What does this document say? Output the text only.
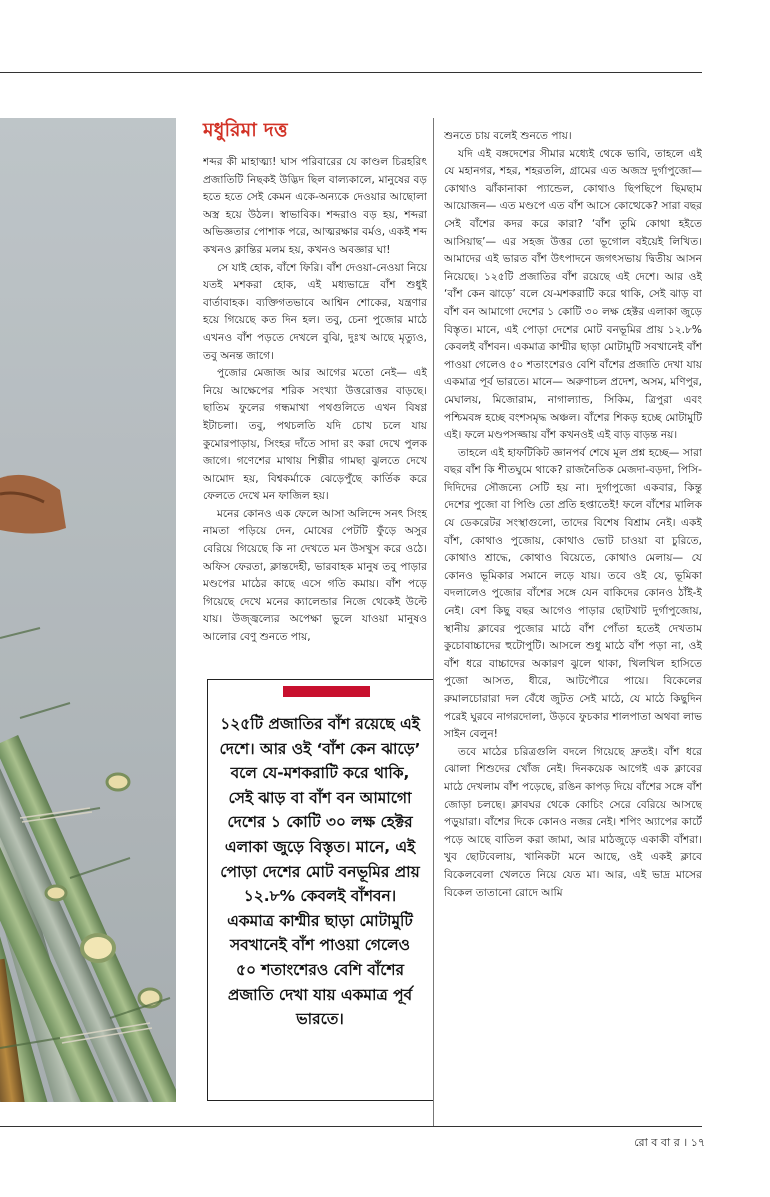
মধুরিমা দত্ত

শব্দর কী মাহাত্ম্য! ঘাস পরিবারের যে কাণ্ডল চিরহরিৎ প্রজাতিটি নিছকই উদ্ভিদ ছিল বাল্যকালে, মানুষের বড় হতে হতে সেই কেমন একে-অন্যকে দেওয়ার আছোলা অস্ত্র হয়ে উঠল। স্বাভাবিক। শব্দরাও বড় হয়, শব্দরা অভিজ্ঞতার পোশাক পরে, আত্মরক্ষার বর্মও, একই শব্দ কখনও ক্লান্তির মলম হয়, কখনও অবজ্ঞার ঘা!

সে যাই হোক, বাঁশে ফিরি। বাঁশ দেওয়া-নেওয়া নিয়ে যতই মশকরা হোক, এই মধ্যভাদ্রে বাঁশ শুধুই বার্তাবাহক। ব্যক্তিগতভাবে আশ্বিন শোকের, যন্ত্রণার হয়ে গিয়েছে কত দিন হল। তবু, চেনা পুজোর মাঠে এখনও বাঁশ পড়তে দেখলে বুঝি, দুঃখ আছে মৃত্যুও, তবু অনন্ত জাগে।

পুজোর মেজাজ আর আগের মতো নেই— এই নিয়ে আক্ষেপের শরিক সংখ্যা উত্তরোত্তর বাড়ছে। ছাতিম ফুলের গন্ধমাখা পথগুলিতে এখন বিষণ্ণ ইটাচলা। তবু, পথচলতি যদি চোখ চলে যায় কুমোরপাড়ায়, সিংহর দাঁতে সাদা রং করা দেখে পুলক জাগে। গণেশের মাথায় শিল্পীর গামছা ঝুলতে দেখে আমোদ হয়, বিশ্বকর্মাকে ঝেড়েপুঁছে কার্তিক করে ফেলতে দেখে মন ফাজিল হয়।

মনের কোনও এক ফেলে আসা অলিন্দে সনৎ সিংহ নামতা পড়িয়ে দেন, মোষের পেটটি ফুঁড়ে অসুর বেরিয়ে গিয়েছে কি না দেখতে মন উসখুস করে ওঠে। অফিস ফেরতা, ক্লান্তদেহী, ভারবাহক মানুষ তবু পাড়ার মণ্ডপের মাঠের কাছে এসে গতি কমায়। বাঁশ পড়ে গিয়েছে দেখে মনের ক্যালেন্ডার নিজে থেকেই উল্টে যায়। উজ্জ্বল্যের অপেক্ষা ভুলে যাওয়া মানুষও আলোর বেণু শুনতে পায়,

১২৫টি প্রজাতির বাঁশ রয়েছে এই দেশে। আর ওই ‘বাঁশ কেন ঝাড়ে’ বলে যে-মশকরাটি করে থাকি, সেই ঝাড় বা বাঁশ বন আমাগো দেশের ১ কোটি ৩০ লক্ষ হেক্টর এলাকা জুড়ে বিস্তৃত। মানে, এই পোড়া দেশের মোট বনভূমির প্রায় ১২.৮% কেবলই বাঁশবন। একমাত্র কাশ্মীর ছাড়া মোটামুটি সবখানেই বাঁশ পাওয়া গেলেও ৫০ শতাংশেরও বেশি বাঁশের প্রজাতি দেখা যায় একমাত্র পূর্ব ভারতে।

শুনতে চায় বলেই শুনতে পায়।

যদি এই বঙ্গদেশের সীমার মধ্যেই থেকে ভাবি, তাহলে এই যে মহানগর, শহর, শহরতলি, গ্রামের এত অজস্র দুর্গাপুজো— কোথাও ঝাঁকানাকা প্যান্ডেল, কোথাও ছিপছিপে ছিমছাম আয়োজন— এত মণ্ডপে এত বাঁশ আসে কোত্থেকে? সারা বছর সেই বাঁশের কদর করে কারা? ‘বাঁশ তুমি কোথা হইতে আসিয়াছ’— এর সহজ উত্তর তো ভূগোল বইয়েই লিখিত। আমাদের এই ভারত বাঁশ উৎপাদনে জগৎসভায় দ্বিতীয় আসন নিয়েছে। ১২৫টি প্রজাতির বাঁশ রয়েছে এই দেশে। আর ওই ‘বাঁশ কেন ঝাড়ে’ বলে যে-মশকরাটি করে থাকি, সেই ঝাড় বা বাঁশ বন আমাগো দেশের ১ কোটি ৩০ লক্ষ হেক্টর এলাকা জুড়ে বিস্তৃত। মানে, এই পোড়া দেশের মোট বনভূমির প্রায় ১২.৮% কেবলই বাঁশবন। একমাত্র কাশ্মীর ছাড়া মোটামুটি সবখানেই বাঁশ পাওয়া গেলেও ৫০ শতাংশেরও বেশি বাঁশের প্রজাতি দেখা যায় একমাত্র পূর্ব ভারতে। মানে— অরুণাচল প্রদেশ, অসম, মণিপুর, মেঘালয়, মিজোরাম, নাগাল্যান্ড, সিকিম, ত্রিপুরা এবং পশ্চিমবঙ্গ হচ্ছে বংশসমৃদ্ধ অঞ্চল। বাঁশের শিকড় হচ্ছে মোটামুটি এই। ফলে মণ্ডপসজ্জায় বাঁশ কখনওই এই বাড় বাড়ন্ত নয়।

তাহলে এই হাফটিকিট জ্ঞানপর্ব শেষে মূল প্রশ্ন হচ্ছে— সারা বছর বাঁশ কি শীতঘুমে থাকে? রাজনৈতিক মেজদা-বড়দা, পিসি-দিদিদের সৌজন্যে সেটি হয় না। দুর্গাপুজো একবার, কিন্তু দেশের পুজো বা পিণ্ডি তো প্রতি হপ্তাতেই! ফলে বাঁশের মালিক যে ডেকরেটর সংস্থাগুলো, তাদের বিশেষ বিশ্রাম নেই। একই বাঁশ, কোথাও পুজোয়, কোথাও ভোট চাওয়া বা চুরিতে, কোথাও শ্রাদ্ধে, কোথাও বিয়েতে, কোথাও মেলায়— যে কোনও ভূমিকার সমানে লড়ে যায়। তবে ওই যে, ভূমিকা বদলালেও পুজোর বাঁশের সঙ্গে যেন বাকিদের কোনও ঠাঁই-ই নেই। বেশ কিছু বছর আগেও পাড়ার ছোটখাট দুর্গাপুজোয়, স্থানীয় ক্লাবের পুজোর মাঠে বাঁশ পোঁতা হতেই দেখতাম কুচোবাচ্চাদের হুটোপুটি। আসলে শুধু মাঠে বাঁশ পড়া না, ওই বাঁশ ধরে বাচ্চাদের অকারণ ঝুলে থাকা, খিলখিল হাসিতে পুজো আসত, ধীরে, আটপৌরে পায়ে। বিকেলের রুমালচোরারা দল বেঁধে জুটত সেই মাঠে, যে মাঠে কিছুদিন পরেই ঘুরবে নাগরদোলা, উড়বে ফুচকার শালপাতা অথবা লাভ সাইন বেলুন!

তবে মাঠের চরিত্রগুলি বদলে গিয়েছে দ্রুতই। বাঁশ ধরে ঝোলা শিশুদের খোঁজ নেই। দিনকয়েক আগেই এক ক্লাবের মাঠে দেখলাম বাঁশ পড়েছে, রঙিন কাপড় দিয়ে বাঁশের সঙ্গে বাঁশ জোড়া চলছে। ক্লাবঘর থেকে কোচিং সেরে বেরিয়ে আসছে পড়ুয়ারা। বাঁশের দিকে কোনও নজর নেই। শপিং অ্যাপের কার্টে পড়ে আছে বাতিল করা জামা, আর মাঠজুড়ে একাকী বাঁশরা। খুব ছোটবেলায়, খানিকটা মনে আছে, ওই একই ক্লাবে বিকেলবেলা খেলতে নিয়ে যেত মা। আর, এই ভাদ্র মাসের বিকেল তাতানো রোদে আমি

রো ব বা র । ১৭
